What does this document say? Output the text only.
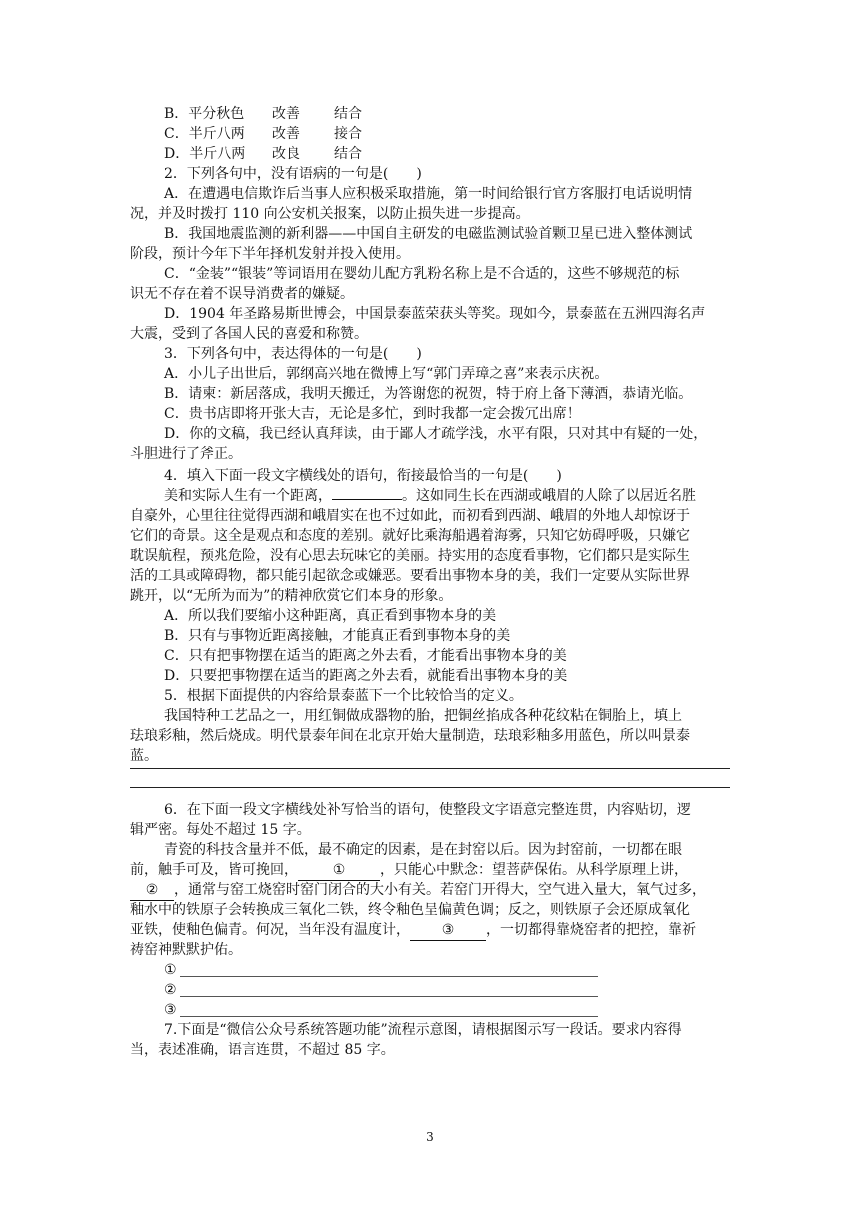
B．平分秋色 改善 结合
C．半斤八两 改善 接合
D．半斤八两 改良 结合
2．下列各句中，没有语病的一句是(　　)
A．在遭遇电信欺诈后当事人应积极采取措施，第一时间给银行官方客服打电话说明情
况，并及时拨打 110 向公安机关报案，以防止损失进一步提高。
B．我国地震监测的新利器——中国自主研发的电磁监测试验首颗卫星已进入整体测试
阶段，预计今年下半年择机发射并投入使用。
C．“金装”“银装”等词语用在婴幼儿配方乳粉名称上是不合适的，这些不够规范的标
识无不存在着不误导消费者的嫌疑。
D．1904 年圣路易斯世博会，中国景泰蓝荣获头等奖。现如今，景泰蓝在五洲四海名声
大震，受到了各国人民的喜爱和称赞。
3．下列各句中，表达得体的一句是(　　)
A．小儿子出世后，郭纲高兴地在微博上写“郭门弄璋之喜”来表示庆祝。
B．请柬：新居落成，我明天搬迁，为答谢您的祝贺，特于府上备下薄酒，恭请光临。
C．贵书店即将开张大吉，无论是多忙，到时我都一定会拨冗出席！
D．你的文稿，我已经认真拜读，由于鄙人才疏学浅，水平有限，只对其中有疑的一处，
斗胆进行了斧正。
4．填入下面一段文字横线处的语句，衔接最恰当的一句是(　　)
美和实际人生有一个距离，	。这如同生长在西湖或峨眉的人除了以居近名胜
自豪外，心里往往觉得西湖和峨眉实在也不过如此，而初看到西湖、峨眉的外地人却惊讶于
它们的奇景。这全是观点和态度的差别。就好比乘海船遇着海雾，只知它妨碍呼吸，只嫌它
耽误航程，预兆危险，没有心思去玩味它的美丽。持实用的态度看事物，它们都只是实际生
活的工具或障碍物，都只能引起欲念或嫌恶。要看出事物本身的美，我们一定要从实际世界
跳开，以“无所为而为”的精神欣赏它们本身的形象。
A．所以我们要缩小这种距离，真正看到事物本身的美
B．只有与事物近距离接触，才能真正看到事物本身的美
C．只有把事物摆在适当的距离之外去看，才能看出事物本身的美
D．只要把事物摆在适当的距离之外去看，就能看出事物本身的美
5．根据下面提供的内容给景泰蓝下一个比较恰当的定义。
我国特种工艺品之一，用红铜做成器物的胎，把铜丝掐成各种花纹粘在铜胎上，填上
珐琅彩釉，然后烧成。明代景泰年间在北京开始大量制造，珐琅彩釉多用蓝色，所以叫景泰
蓝。
6．在下面一段文字横线处补写恰当的语句，使整段文字语意完整连贯，内容贴切，逻
辑严密。每处不超过 15 字。
青瓷的科技含量并不低，最不确定的因素，是在封窑以后。因为封窑前，一切都在眼
前，触手可及，皆可挽回， ① ，只能心中默念：望菩萨保佑。从科学原理上讲，
② ，通常与窑工烧窑时窑门闭合的大小有关。若窑门开得大，空气进入量大，氧气过多，
釉水中的铁原子会转换成三氧化二铁，终令釉色呈偏黄色调；反之，则铁原子会还原成氧化
亚铁，使釉色偏青。何况，当年没有温度计， ③ ，一切都得靠烧窑者的把控，靠祈
祷窑神默默护佑。
①
②
③
7.下面是“微信公众号系统答题功能”流程示意图，请根据图示写一段话。要求内容得
当，表述准确，语言连贯，不超过 85 字。
3
